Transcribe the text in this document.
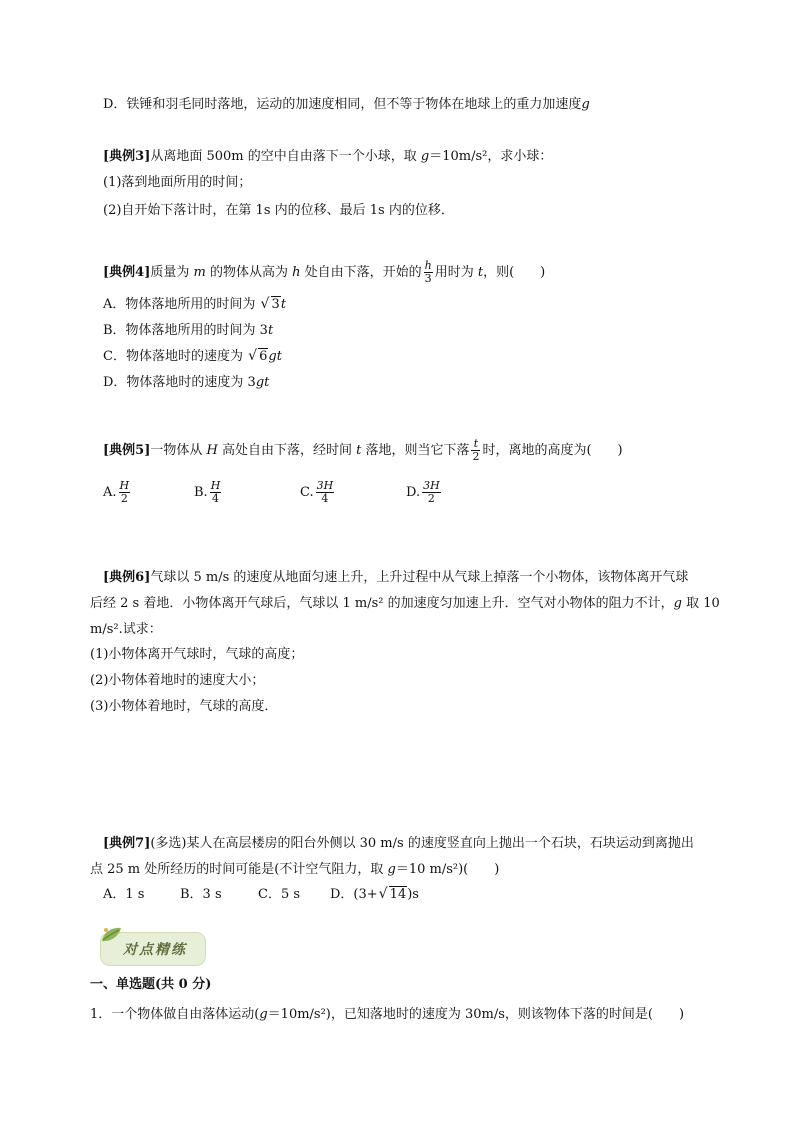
D．铁锤和羽毛同时落地，运动的加速度相同，但不等于物体在地球上的重力加速度g
[典例3]从离地面 500m 的空中自由落下一个小球，取 g＝10m/s²，求小球：
(1)落到地面所用的时间；
(2)自开始下落计时，在第 1s 内的位移、最后 1s 内的位移．
[典例4]质量为 m 的物体从高为 h 处自由下落，开始的 $\frac{h}{3}$ 用时为 t，则(　　)
A．物体落地所用的时间为 √ 3t
B．物体落地所用的时间为 3t
C．物体落地时的速度为 √ 6gt
D．物体落地时的速度为 3gt
[典例5]一物体从 H 高处自由下落，经时间 t 落地，则当它下落 $\frac{t}{2}$ 时，离地的高度为(　　)
A. $\frac{H}{2}$	B. $\frac{H}{4}$	C. $\frac{3H}{4}$	D. $\frac{3H}{2}$
[典例6]气球以 5 m/s 的速度从地面匀速上升，上升过程中从气球上掉落一个小物体，该物体离开气球
后经 2 s 着地．小物体离开气球后，气球以 1 m/s² 的加速度匀加速上升．空气对小物体的阻力不计，g 取 10
m/s².试求：
(1)小物体离开气球时，气球的高度；
(2)小物体着地时的速度大小；
(3)小物体着地时，气球的高度．
[典例7](多选)某人在高层楼房的阳台外侧以 30 m/s 的速度竖直向上抛出一个石块，石块运动到离抛出
点 25 m 处所经历的时间可能是(不计空气阻力，取 g＝10 m/s²)(　　)
A．1 s	B．3 s	C．5 s D．(3+√ 14)s
对点精练
一、单选题(共 0 分)
1．一个物体做自由落体运动(g＝10m/s²)，已知落地时的速度为 30m/s，则该物体下落的时间是(　　)
